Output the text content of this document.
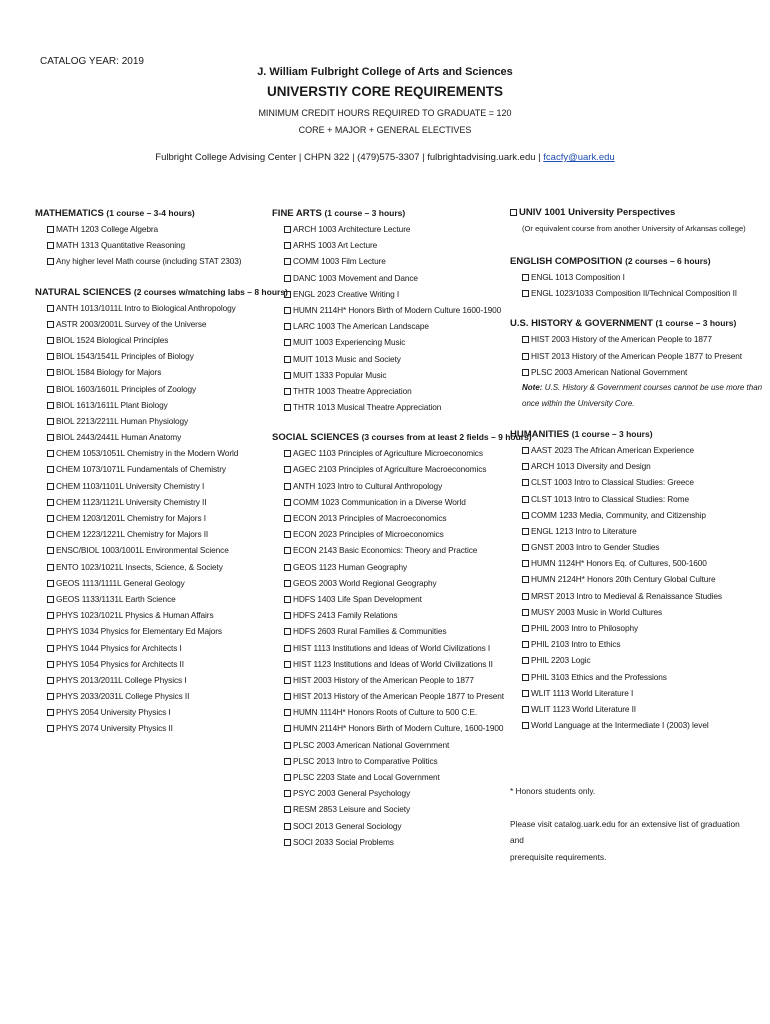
CATALOG YEAR: 2019
J. William Fulbright College of Arts and Sciences
UNIVERSTIY CORE REQUIREMENTS
MINIMUM CREDIT HOURS REQUIRED TO GRADUATE = 120
CORE + MAJOR + GENERAL ELECTIVES
Fulbright College Advising Center | CHPN 322 | (479)575-3307 | fulbrightadvising.uark.edu | fcacfy@uark.edu
MATHEMATICS (1 course – 3-4 hours)
MATH 1203 College Algebra
MATH 1313 Quantitative Reasoning
Any higher level Math course (including STAT 2303)
NATURAL SCIENCES (2 courses w/matching labs – 8 hours)
ANTH 1013/1011L Intro to Biological Anthropology
ASTR 2003/2001L Survey of the Universe
BIOL 1524 Biological Principles
BIOL 1543/1541L Principles of Biology
BIOL 1584 Biology for Majors
BIOL 1603/1601L Principles of Zoology
BIOL 1613/1611L Plant Biology
BIOL 2213/2211L Human Physiology
BIOL 2443/2441L Human Anatomy
CHEM 1053/1051L Chemistry in the Modern World
CHEM 1073/1071L Fundamentals of Chemistry
CHEM 1103/1101L University Chemistry I
CHEM 1123/1121L University Chemistry II
CHEM 1203/1201L Chemistry for Majors I
CHEM 1223/1221L Chemistry for Majors II
ENSC/BIOL 1003/1001L Environmental Science
ENTO 1023/1021L Insects, Science, & Society
GEOS 1113/1111L General Geology
GEOS 1133/1131L Earth Science
PHYS 1023/1021L Physics & Human Affairs
PHYS 1034 Physics for Elementary Ed Majors
PHYS 1044 Physics for Architects I
PHYS 1054 Physics for Architects II
PHYS 2013/2011L College Physics I
PHYS 2033/2031L College Physics II
PHYS 2054 University Physics I
PHYS 2074 University Physics II
FINE ARTS (1 course – 3 hours)
ARCH 1003 Architecture Lecture
ARHS 1003 Art Lecture
COMM 1003 Film Lecture
DANC 1003 Movement and Dance
ENGL 2023 Creative Writing I
HUMN 2114H* Honors Birth of Modern Culture 1600-1900
LARC 1003 The American Landscape
MUIT 1003 Experiencing Music
MUIT 1013 Music and Society
MUIT 1333 Popular Music
THTR 1003 Theatre Appreciation
THTR 1013 Musical Theatre Appreciation
SOCIAL SCIENCES (3 courses from at least 2 fields – 9 hours)
AGEC 1103 Principles of Agriculture Microeconomics
AGEC 2103 Principles of Agriculture Macroeconomics
ANTH 1023 Intro to Cultural Anthropology
COMM 1023 Communication in a Diverse World
ECON 2013 Principles of Macroeconomics
ECON 2023 Principles of Microeconomics
ECON 2143 Basic Economics: Theory and Practice
GEOS 1123 Human Geography
GEOS 2003 World Regional Geography
HDFS 1403 Life Span Development
HDFS 2413 Family Relations
HDFS 2603 Rural Families & Communities
HIST 1113 Institutions and Ideas of World Civilizations I
HIST 1123 Institutions and Ideas of World Civilizations II
HIST 2003 History of the American People to 1877
HIST 2013 History of the American People 1877 to Present
HUMN 1114H* Honors Roots of Culture to 500 C.E.
HUMN 2114H* Honors Birth of Modern Culture, 1600-1900
PLSC 2003 American National Government
PLSC 2013 Intro to Comparative Politics
PLSC 2203 State and Local Government
PSYC 2003 General Psychology
RESM 2853 Leisure and Society
SOCI 2013 General Sociology
SOCI 2033 Social Problems
UNIV 1001 University Perspectives
(Or equivalent course from another University of Arkansas college)
ENGLISH COMPOSITION (2 courses – 6 hours)
ENGL 1013 Composition I
ENGL 1023/1033 Composition II/Technical Composition II
U.S. HISTORY & GOVERNMENT (1 course – 3 hours)
HIST 2003 History of the American People to 1877
HIST 2013 History of the American People 1877 to Present
PLSC 2003 American National Government
Note: U.S. History & Government courses cannot be use more than
once within the University Core.
HUMANITIES (1 course – 3 hours)
AAST 2023 The African American Experience
ARCH 1013 Diversity and Design
CLST 1003 Intro to Classical Studies: Greece
CLST 1013 Intro to Classical Studies: Rome
COMM 1233 Media, Community, and Citizenship
ENGL 1213 Intro to Literature
GNST 2003 Intro to Gender Studies
HUMN 1124H* Honors Eq. of Cultures, 500-1600
HUMN 2124H* Honors 20th Century Global Culture
MRST 2013 Intro to Medieval & Renaissance Studies
MUSY 2003 Music in World Cultures
PHIL 2003 Intro to Philosophy
PHIL 2103 Intro to Ethics
PHIL 2203 Logic
PHIL 3103 Ethics and the Professions
WLIT 1113 World Literature I
WLIT 1123 World Literature II
World Language at the Intermediate I (2003) level
* Honors students only.
Please visit catalog.uark.edu for an extensive list of graduation and
prerequisite requirements.
